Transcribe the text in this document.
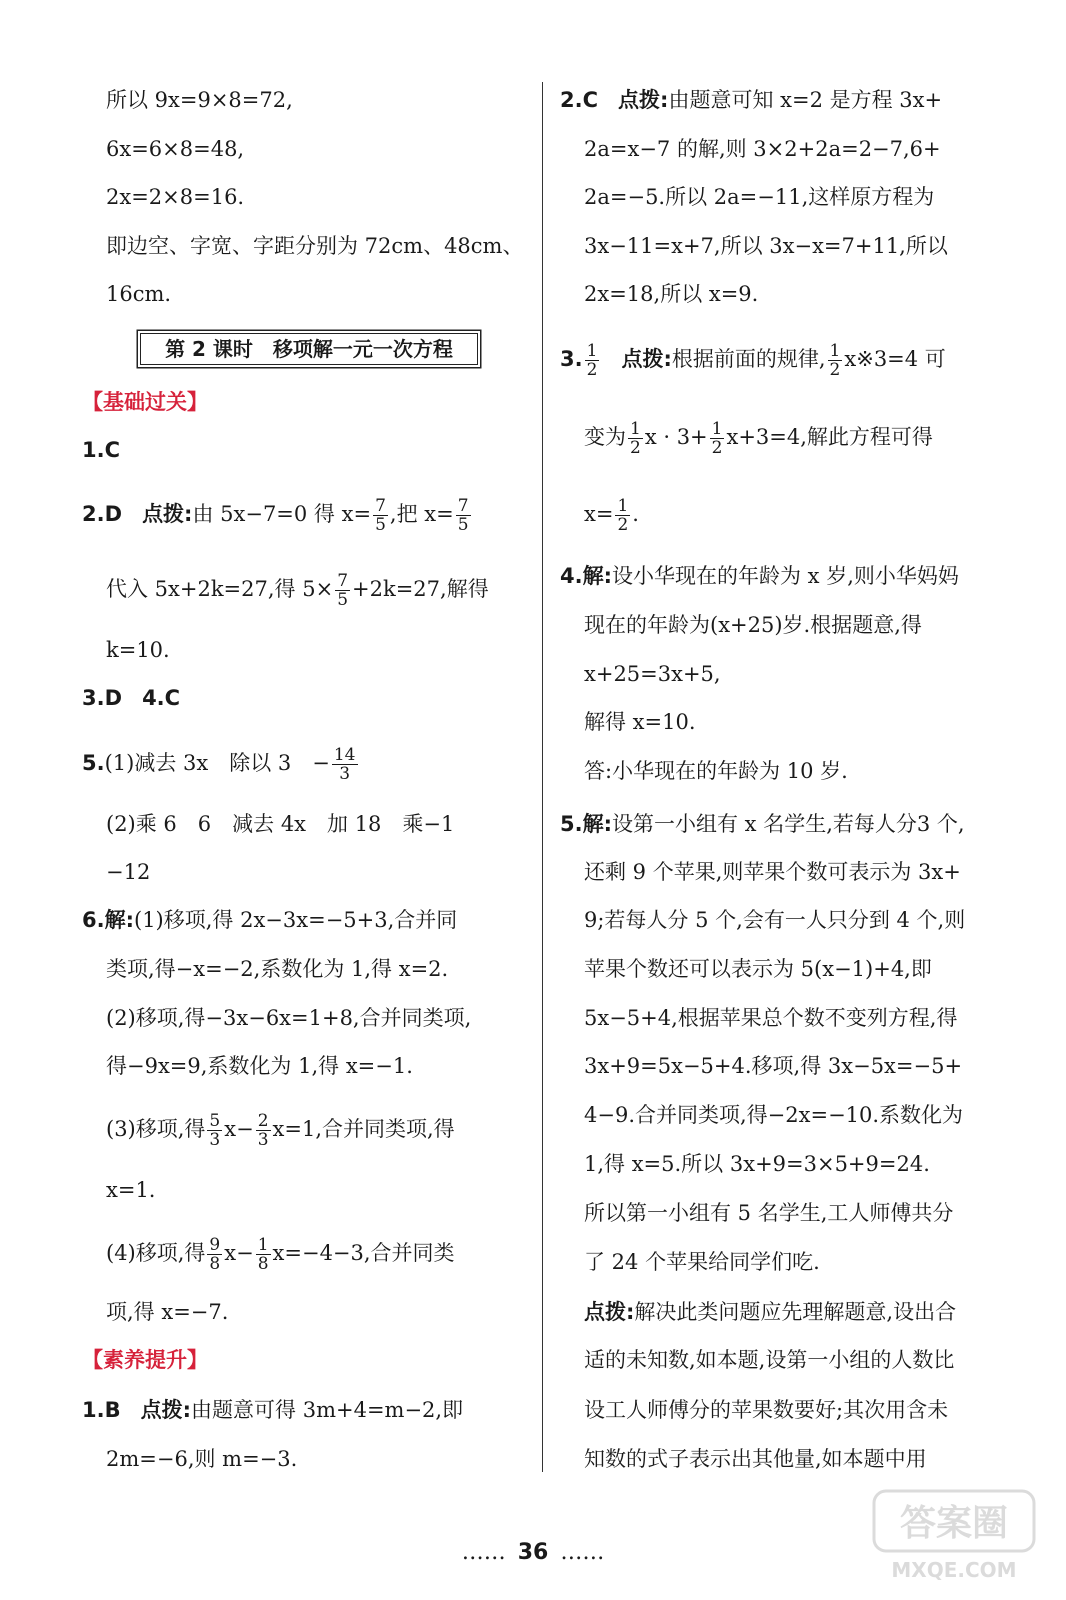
所以 9x=9×8=72,
6x=6×8=48,
2x=2×8=16.
即边空、字宽、字距分别为 72cm、48cm、
16cm.
第 2 课时　移项解一元一次方程
【基础过关】
1.C
2.D 点拨:由 5x−7=0 得 $x= \frac{7}{5}$ ,把 $x= \frac{7}{5}$
代入 5x+2k=27,得 $5\times \frac{7}{5} +2k=27$,解得
k=10.
3.D 4.C
5.(1)减去 3x　除以 3　− $\frac{14}{3}$
(2)乘 6　6　减去 4x　加 18　乘−1
−12
6.解:(1)移项,得 2x−3x=−5+3,合并同
类项,得−x=−2,系数化为 1,得 x=2.
(2)移项,得−3x−6x=1+8,合并同类项,
得−9x=9,系数化为 1,得 x=−1.
(3)移项,得 $\frac{5}{3} x- \frac{2}{3} x=1$,合并同类项,得
x=1.
(4)移项,得 $\frac{9}{8} x- \frac{1}{8} x=-4-3$,合并同类
项,得 x=−7.
【素养提升】
1.B 点拨:由题意可得 3m+4=m−2,即
2m=−6,则 m=−3.
2.C 点拨:由题意可知 x=2 是方程 3x+
2a=x−7 的解,则 3×2+2a=2−7,6+
2a=−5.所以 2a=−11,这样原方程为
3x−11=x+7,所以 3x−x=7+11,所以
2x=18,所以 x=9.
3. $\frac{1}{2}$ 点拨:根据前面的规律, $\frac{1}{2}$ x※3=4 可
变为 $\frac{1}{2}$ $x \cdot 3+ \frac{1}{2} x+3=4$,解此方程可得
$x= \frac{1}{2}$ .
4.解:设小华现在的年龄为 x 岁,则小华妈妈
现在的年龄为(x+25)岁.根据题意,得
x+25=3x+5,
解得 x=10.
答:小华现在的年龄为 10 岁.
5.解:设第一小组有 x 名学生,若每人分3 个,
还剩 9 个苹果,则苹果个数可表示为 3x+
9;若每人分 5 个,会有一人只分到 4 个,则
苹果个数还可以表示为 5(x−1)+4,即
5x−5+4,根据苹果总个数不变列方程,得
3x+9=5x−5+4.移项,得 3x−5x=−5+
4−9.合并同类项,得−2x=−10.系数化为
1,得 x=5.所以 3x+9=3×5+9=24.
所以第一小组有 5 名学生,工人师傅共分
了 24 个苹果给同学们吃.
点拨:解决此类问题应先理解题意,设出合
适的未知数,如本题,设第一小组的人数比
设工人师傅分的苹果数要好;其次用含未
知数的式子表示出其他量,如本题中用
…… 36 ……
答案圈
MXQE.COM
